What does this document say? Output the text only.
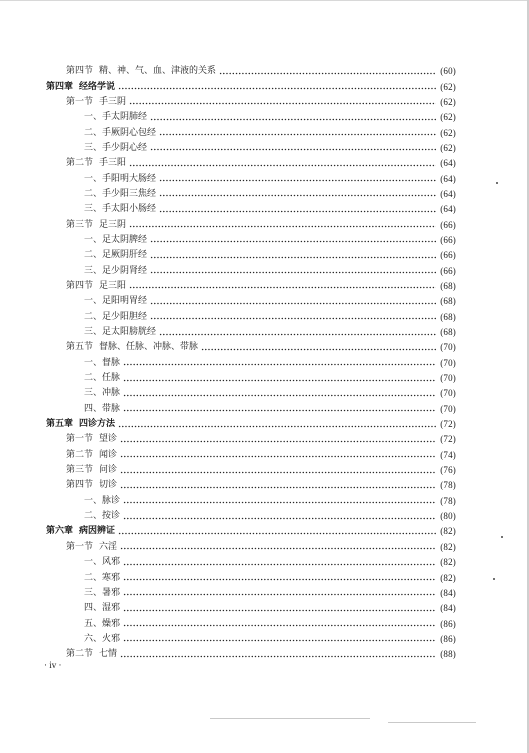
第四节 精、神、气、血、津液的关系	(60)
第四章 经络学说	(62)
第一节 手三阴	(62)
一、手太阴肺经	(62)
二、手厥阴心包经	(62)
三、手少阴心经	(62)
第二节 手三阳	(64)
一、手阳明大肠经	(64)
二、手少阳三焦经	(64)
三、手太阳小肠经	(64)
第三节 足三阴	(66)
一、足太阴脾经	(66)
二、足厥阴肝经	(66)
三、足少阴肾经	(66)
第四节 足三阳	(68)
一、足阳明胃经	(68)
二、足少阳胆经	(68)
三、足太阳膀胱经	(68)
第五节 督脉、任脉、冲脉、带脉	(70)
一、督脉	(70)
二、任脉	(70)
三、冲脉	(70)
四、带脉	(70)
第五章 四诊方法	(72)
第一节 望诊	(72)
第二节 闻诊	(74)
第三节 问诊	(76)
第四节 切诊	(78)
一、脉诊	(78)
二、按诊	(80)
第六章 病因辨证	(82)
第一节 六淫	(82)
一、风邪	(82)
二、寒邪	(82)
三、暑邪	(84)
四、湿邪	(84)
五、燥邪	(86)
六、火邪	(86)
第二节 七情	(88)
· iv ·
